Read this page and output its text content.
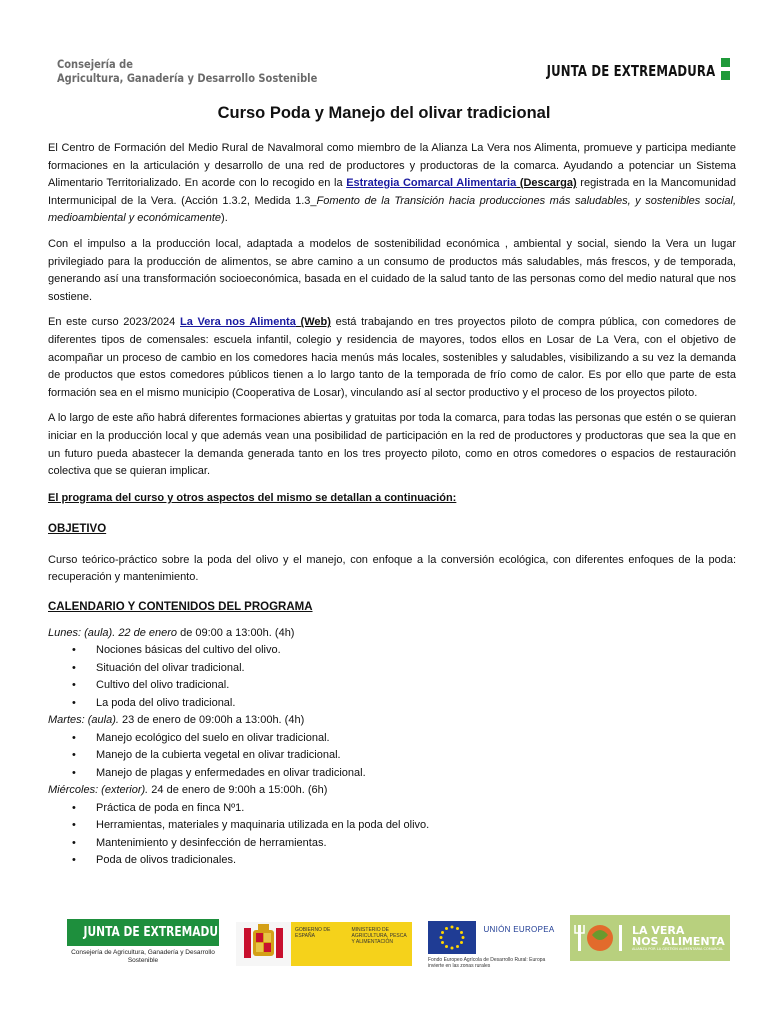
Consejería de
Agricultura, Ganadería y Desarrollo Sostenible	JUNTA DE EXTREMADURA
Curso Poda y Manejo del olivar tradicional

El Centro de Formación del Medio Rural de Navalmoral como miembro de la Alianza La Vera nos Alimenta, promueve y participa mediante formaciones en la articulación y desarrollo de una red de productores y productoras de la comarca. Ayudando a potenciar un Sistema Alimentario Territorializado. En acorde con lo recogido en la Estrategia Comarcal Alimentaria (Descarga) registrada en la Mancomunidad Intermunicipal de la Vera. (Acción 1.3.2, Medida 1.3_Fomento de la Transición hacia producciones más saludables, y sostenibles social, medioambiental y económicamente).

Con el impulso a la producción local, adaptada a modelos de sostenibilidad económica , ambiental y social, siendo la Vera un lugar privilegiado para la producción de alimentos, se abre camino a un consumo de productos más saludables, más frescos, y de temporada, generando así una transformación socioeconómica, basada en el cuidado de la salud tanto de las personas como del medio natural que nos sostiene.

En este curso 2023/2024 La Vera nos Alimenta (Web) está trabajando en tres proyectos piloto de compra pública, con comedores de diferentes tipos de comensales: escuela infantil, colegio y residencia de mayores, todos ellos en Losar de La Vera, con el objetivo de acompañar un proceso de cambio en los comedores hacia menús más locales, sostenibles y saludables, visibilizando a su vez la demanda de productos que estos comedores públicos tienen a lo largo tanto de la temporada de frío como de calor. Es por ello que parte de esta formación sea en el mismo municipio (Cooperativa de Losar), vinculando así al sector productivo y el proceso de los proyectos piloto.

A lo largo de este año habrá diferentes formaciones abiertas y gratuitas por toda la comarca, para todas las personas que estén o se quieran iniciar en la producción local y que además vean una posibilidad de participación en la red de productores y productoras que sea la que en un futuro pueda abastecer la demanda generada tanto en los tres proyecto piloto, como en otros comedores o espacios de restauración colectiva que se quieran implicar.

El programa del curso y otros aspectos del mismo se detallan a continuación:

OBJETIVO

Curso teórico-práctico sobre la poda del olivo y el manejo, con enfoque a la conversión ecológica, con diferentes enfoques de la poda: recuperación y mantenimiento.

CALENDARIO Y CONTENIDOS DEL PROGRAMA

Lunes: (aula). 22 de enero de 09:00 a 13:00h. (4h)
• Nociones básicas del cultivo del olivo.
• Situación del olivar tradicional.
• Cultivo del olivo tradicional.
• La poda del olivo tradicional.
Martes: (aula). 23 de enero de 09:00h a 13:00h. (4h)
• Manejo ecológico del suelo en olivar tradicional.
• Manejo de la cubierta vegetal en olivar tradicional.
• Manejo de plagas y enfermedades en olivar tradicional.
Miércoles: (exterior). 24 de enero de 9:00h a 15:00h. (6h)
• Práctica de poda en finca Nº1.
• Herramientas, materiales y maquinaria utilizada en la poda del olivo.
• Mantenimiento y desinfección de herramientas.
• Poda de olivos tradicionales.
JUNTA DE EXTREMADURA
Consejería de Agricultura, Ganadería y Desarrollo Sostenible
GOBIERNO DE ESPAÑA
MINISTERIO DE AGRICULTURA, PESCA Y ALIMENTACIÓN
UNIÓN EUROPEA
Fondo Europeo Agrícola de Desarrollo Rural: Europa invierte en las zonas rurales
LA VERA
NOS ALIMENTA
ALIANZA POR LA GESTIÓN ALIMENTARIA COMARCAL
